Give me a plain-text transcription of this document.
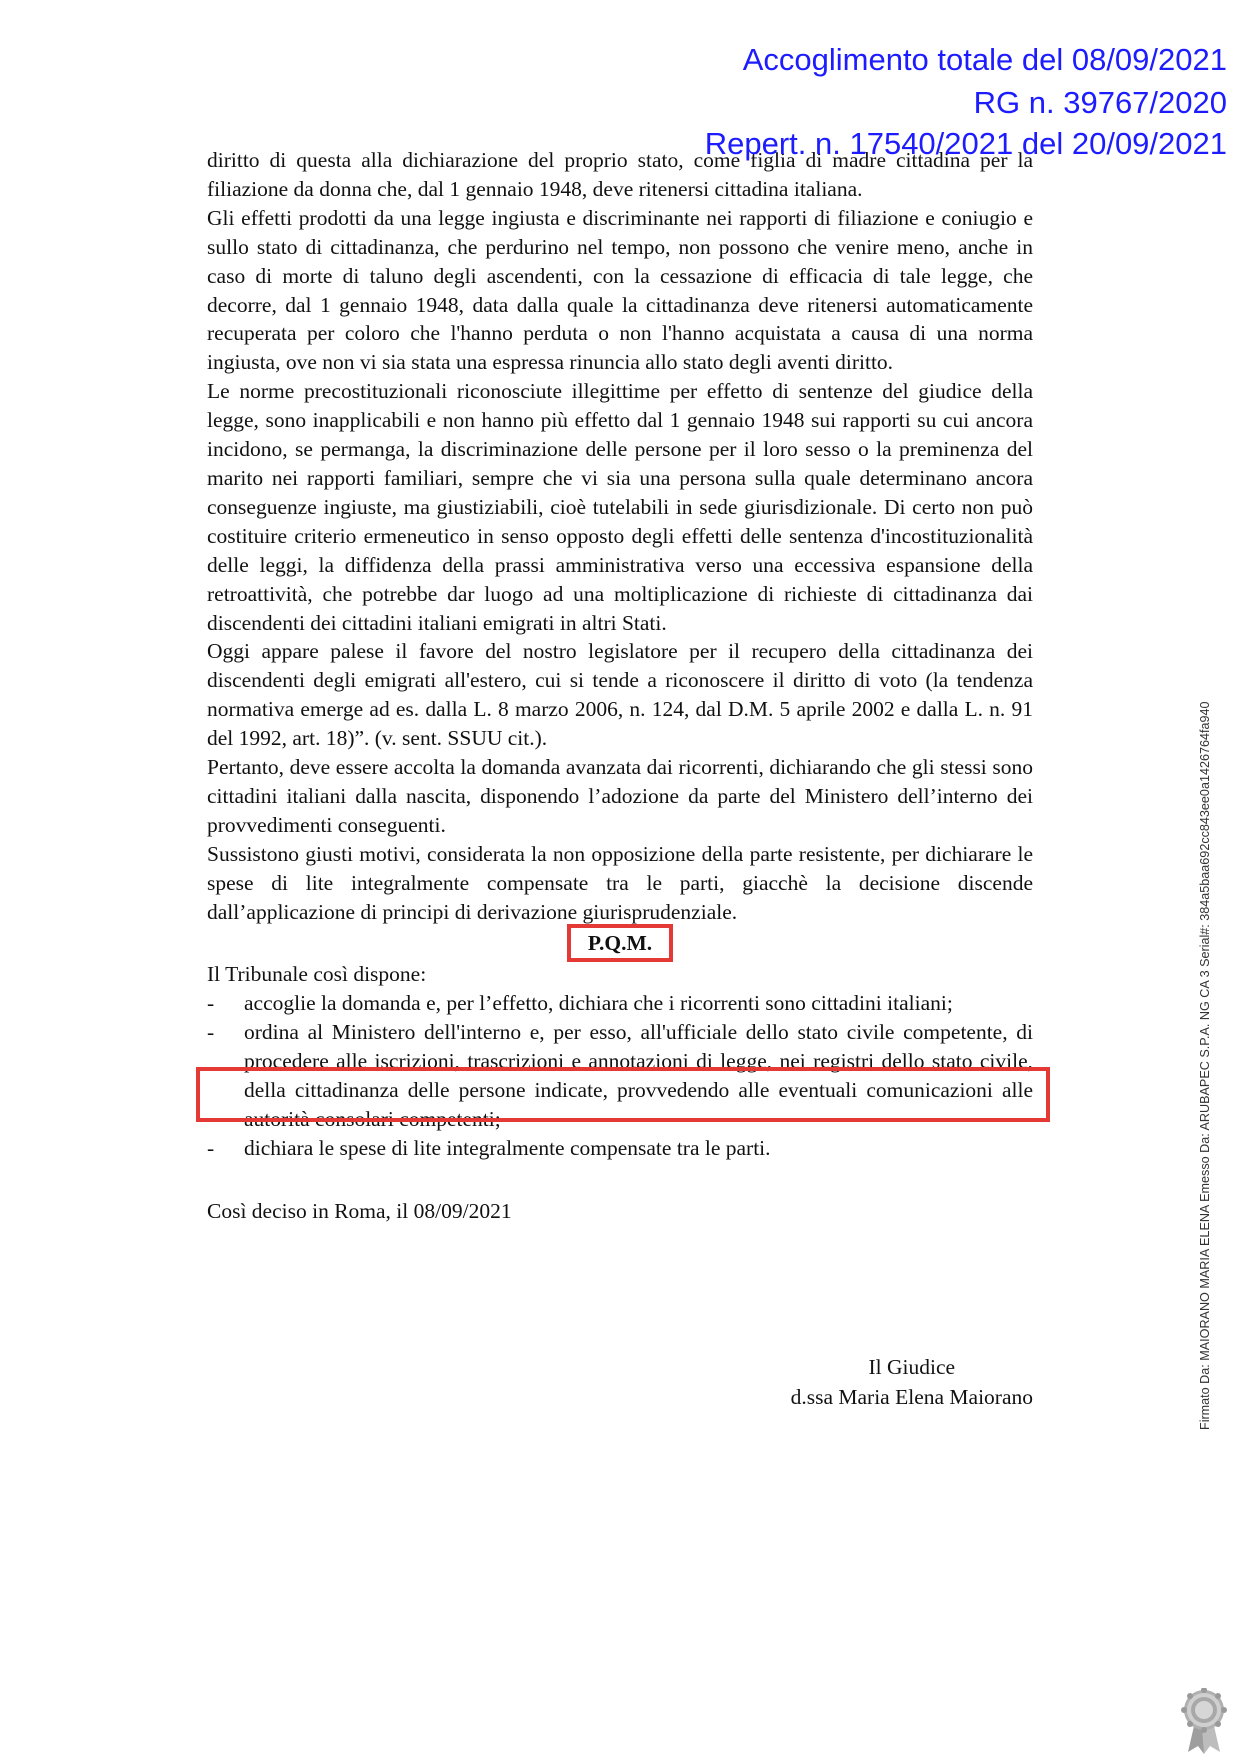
Accoglimento totale del 08/09/2021
RG n. 39767/2020

diritto di questa alla dichiarazione del proprio stato, come figlia di madre cittadina per la filiazione da donna che, dal 1 gennaio 1948, deve ritenersi cittadina italiana.

Gli effetti prodotti da una legge ingiusta e discriminante nei rapporti di filiazione e coniugio e sullo stato di cittadinanza, che perdurino nel tempo, non possono che venire meno, anche in caso di morte di taluno degli ascendenti, con la cessazione di efficacia di tale legge, che decorre, dal 1 gennaio 1948, data dalla quale la cittadinanza deve ritenersi automaticamente recuperata per coloro che l'hanno perduta o non l'hanno acquistata a causa di una norma ingiusta, ove non vi sia stata una espressa rinuncia allo stato degli aventi diritto.

Le norme precostituzionali riconosciute illegittime per effetto di sentenze del giudice della legge, sono inapplicabili e non hanno più effetto dal 1 gennaio 1948 sui rapporti su cui ancora incidono, se permanga, la discriminazione delle persone per il loro sesso o la preminenza del marito nei rapporti familiari, sempre che vi sia una persona sulla quale determinano ancora conseguenze ingiuste, ma giustiziabili, cioè tutelabili in sede giurisdizionale. Di certo non può costituire criterio ermeneutico in senso opposto degli effetti delle sentenza d'incostituzionalità delle leggi, la diffidenza della prassi amministrativa verso una eccessiva espansione della retroattività, che potrebbe dar luogo ad una moltiplicazione di richieste di cittadinanza dai discendenti dei cittadini italiani emigrati in altri Stati.

Oggi appare palese il favore del nostro legislatore per il recupero della cittadinanza dei discendenti degli emigrati all'estero, cui si tende a riconoscere il diritto di voto (la tendenza normativa emerge ad es. dalla L. 8 marzo 2006, n. 124, dal D.M. 5 aprile 2002 e dalla L. n. 91 del 1992, art. 18)”. (v. sent. SSUU cit.).

Pertanto, deve essere accolta la domanda avanzata dai ricorrenti, dichiarando che gli stessi sono cittadini italiani dalla nascita, disponendo l’adozione da parte del Ministero dell’interno dei provvedimenti conseguenti.

Sussistono giusti motivi, considerata la non opposizione della parte resistente, per dichiarare le spese di lite integralmente compensate tra le parti, giacchè la decisione discende dall’applicazione di principi di derivazione giurisprudenziale.

P.Q.M.

Il Tribunale così dispone:

- accoglie la domanda e, per l’effetto, dichiara che i ricorrenti sono cittadini italiani;
- ordina al Ministero dell'interno e, per esso, all'ufficiale dello stato civile competente, di procedere alle iscrizioni, trascrizioni e annotazioni di legge, nei registri dello stato civile, della cittadinanza delle persone indicate, provvedendo alle eventuali comunicazioni alle autorità consolari competenti;
- dichiara le spese di lite integralmente compensate tra le parti.

Così deciso in Roma, il 08/09/2021

Repert. n. 17540/2021 del 20/09/2021
Il Giudice
d.ssa Maria Elena Maiorano	Firmato Da: MAIORANO MARIA ELENA Emesso Da: ARUBAPEC S.P.A. NG CA 3 Serial#: 384a5baa692cc843ee0a1426764fa940
